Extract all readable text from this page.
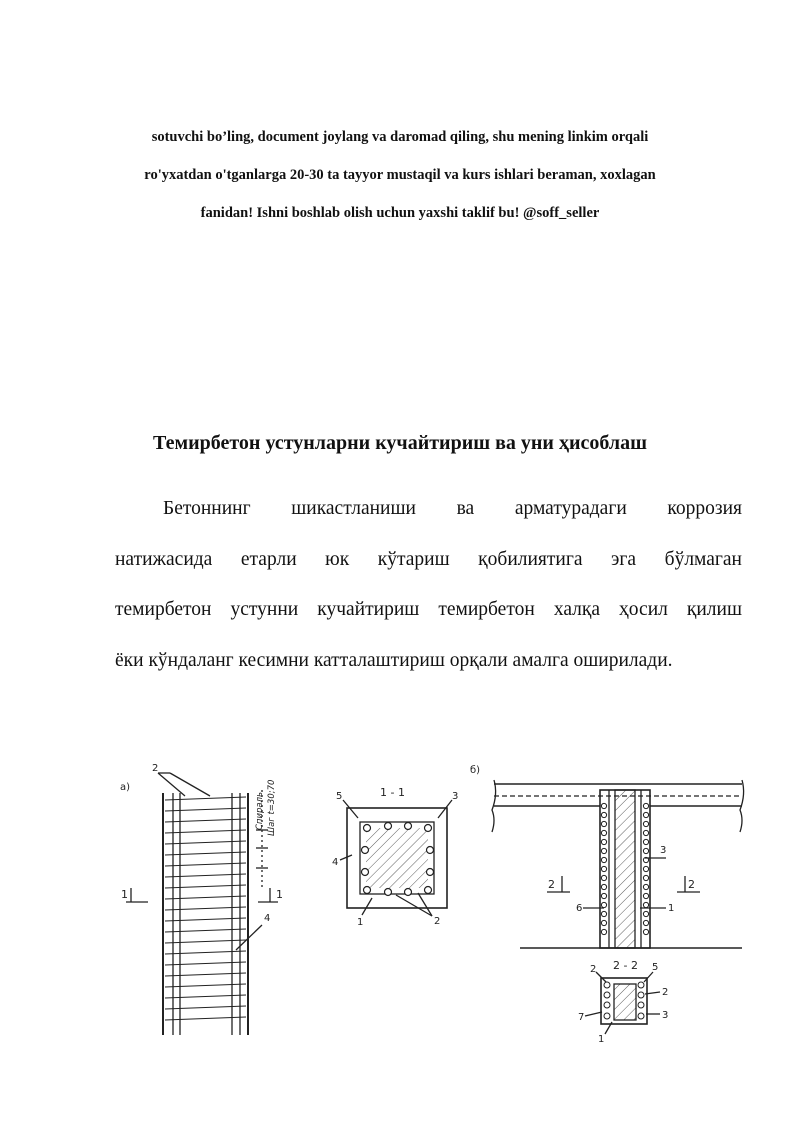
sotuvchi bo’ling, document joylang va daromad qiling, shu mening linkim orqali
ro'yxatdan o'tganlarga 20-30 ta tayyor mustaqil va kurs ishlari beraman, xoxlagan
fanidan! Ishni boshlab olish uchun yaxshi taklif bu! @soff_seller
Темирбетон устунларни кучайтириш ва уни ҳисоблаш
Бетоннинг шикастланиши ва арматурадаги коррозия
натижасида етарли юк кўтариш қобилиятига эга бўлмаган
темирбетон устунни кучайтириш темирбетон халқа ҳосил қилиш
ёки кўндаланг кесимни катталаштириш орқали амалга оширилади.
a)
2
Спираль Шаг t=30;70
1	1
4
1 - 1
5	3
4
1	2
б)
3
6	1
2	2
2 - 2
2	5
2
7	3
1
